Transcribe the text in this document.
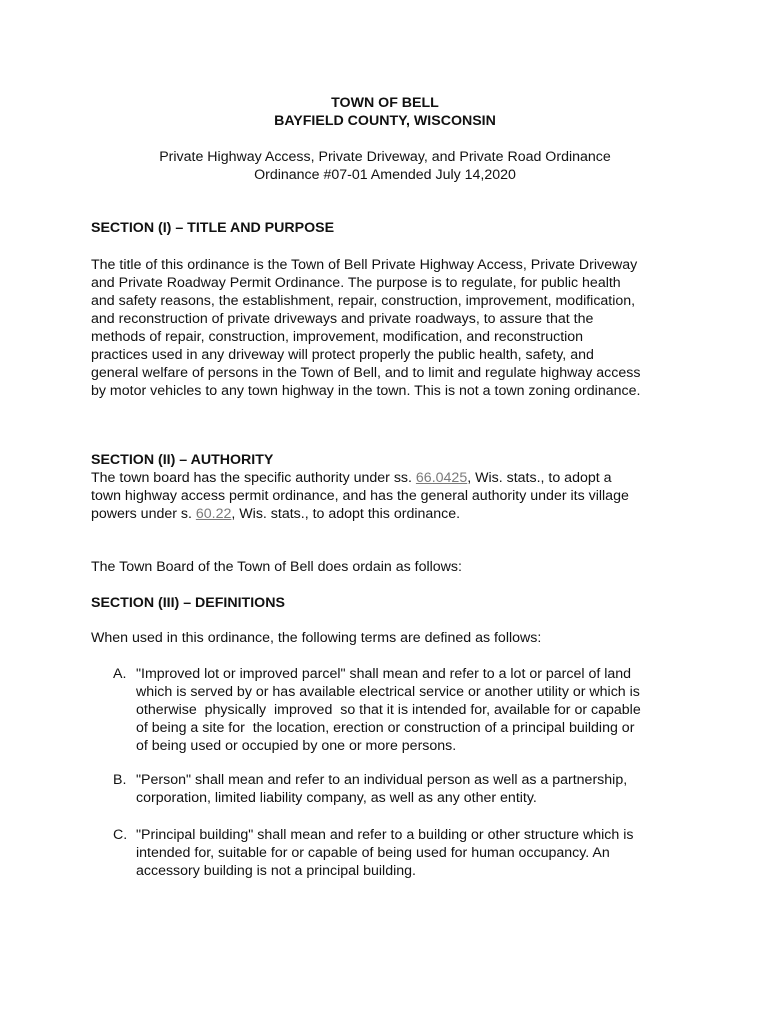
TOWN OF BELL
BAYFIELD COUNTY, WISCONSIN
Private Highway Access, Private Driveway, and Private Road Ordinance
Ordinance #07-01 Amended July 14,2020
SECTION (I) – TITLE AND PURPOSE
The title of this ordinance is the Town of Bell Private Highway Access, Private Driveway
and Private Roadway Permit Ordinance. The purpose is to regulate, for public health
and safety reasons, the establishment, repair, construction, improvement, modification,
and reconstruction of private driveways and private roadways, to assure that the
methods of repair, construction, improvement, modification, and reconstruction
practices used in any driveway will protect properly the public health, safety, and
general welfare of persons in the Town of Bell, and to limit and regulate highway access
by motor vehicles to any town highway in the town. This is not a town zoning ordinance.
SECTION (II) – AUTHORITY
The town board has the specific authority under ss. 66.0425, Wis. stats., to adopt a
town highway access permit ordinance, and has the general authority under its village
powers under s. 60.22, Wis. stats., to adopt this ordinance.
The Town Board of the Town of Bell does ordain as follows:
SECTION (III) – DEFINITIONS
When used in this ordinance, the following terms are defined as follows:
A. "Improved lot or improved parcel" shall mean and refer to a lot or parcel of land
which is served by or has available electrical service or another utility or which is
otherwise  physically  improved  so that it is intended for, available for or capable
of being a site for  the location, erection or construction of a principal building or
of being used or occupied by one or more persons.
B. "Person" shall mean and refer to an individual person as well as a partnership,
corporation, limited liability company, as well as any other entity.
C. "Principal building" shall mean and refer to a building or other structure which is
intended for, suitable for or capable of being used for human occupancy. An
accessory building is not a principal building.
